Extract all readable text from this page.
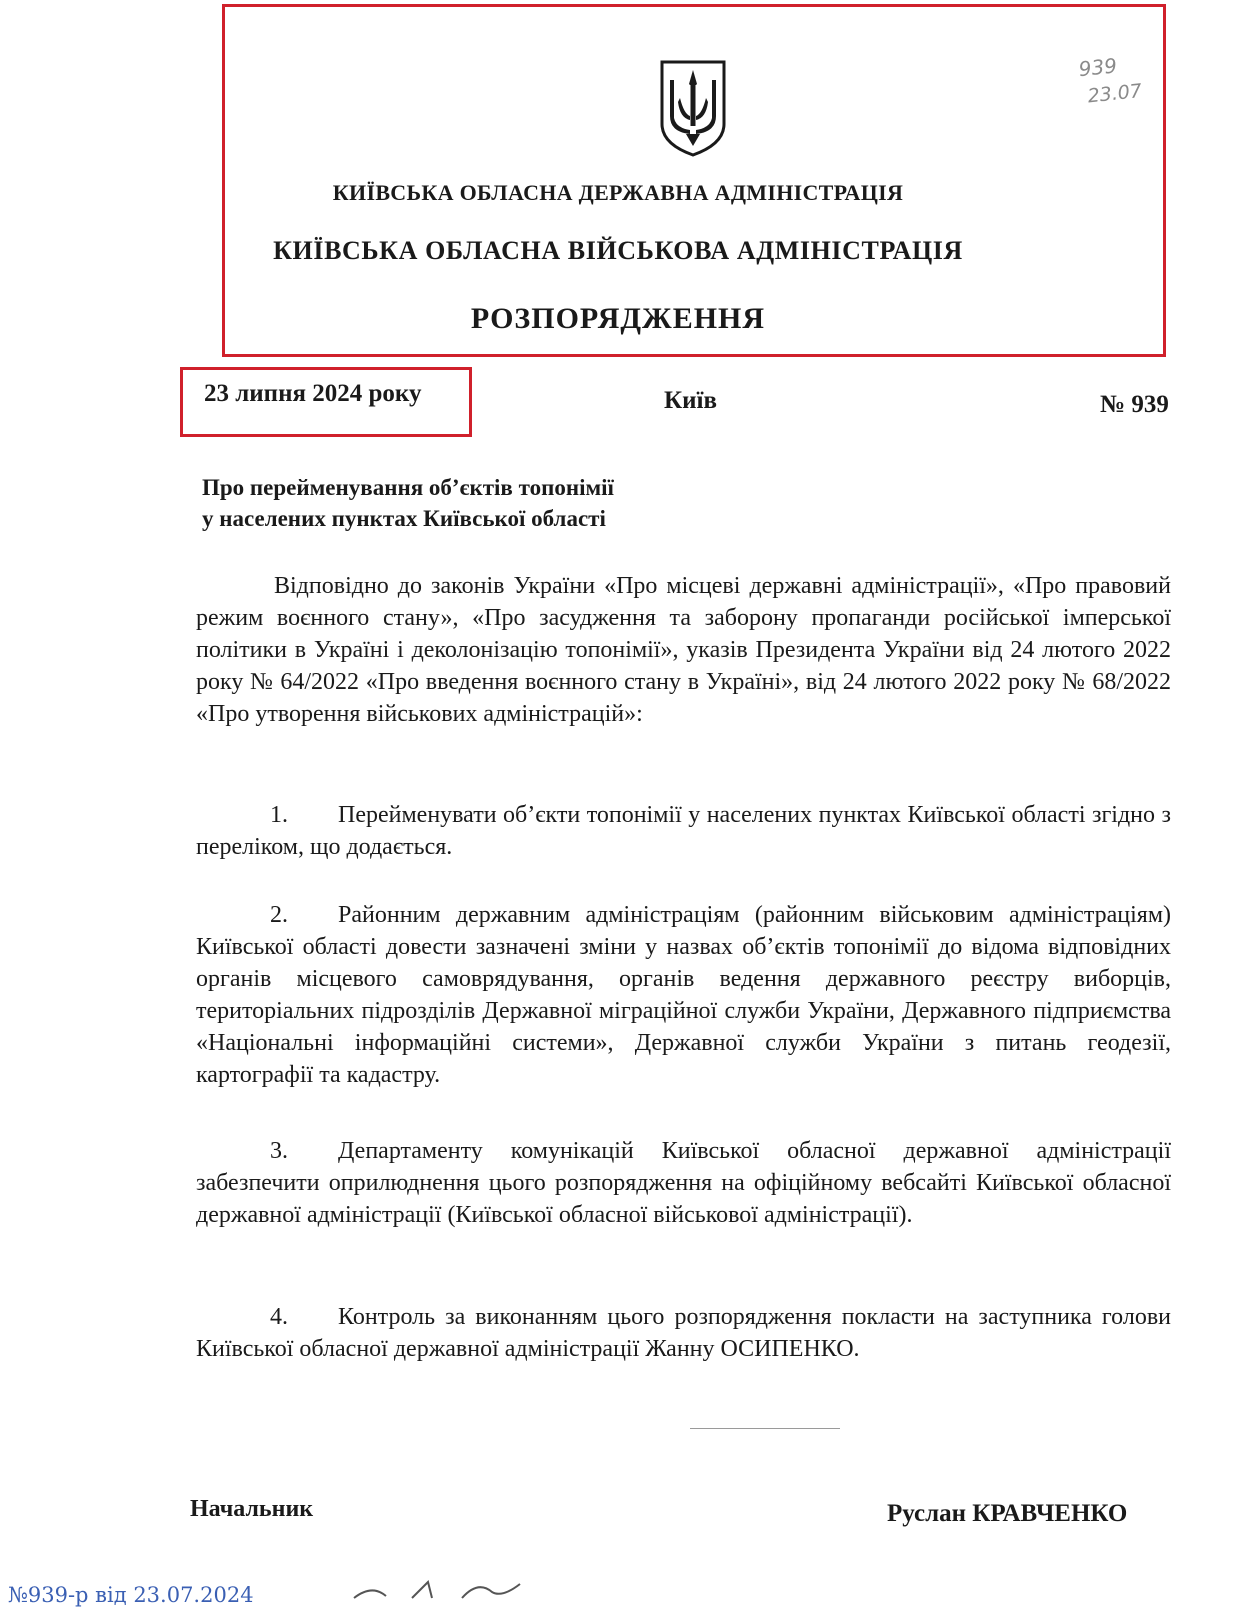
939
23.07
КИЇВСЬКА ОБЛАСНА ДЕРЖАВНА АДМІНІСТРАЦІЯ
КИЇВСЬКА ОБЛАСНА ВІЙСЬКОВА АДМІНІСТРАЦІЯ
РОЗПОРЯДЖЕННЯ
23 липня 2024 року	Київ	№ 939
Про перейменування об’єктів топонімії
у населених пунктах Київської області
Відповідно до законів України «Про місцеві державні адміністрації», «Про правовий режим воєнного стану», «Про засудження та заборону пропаганди російської імперської політики в Україні і деколонізацію топонімії», указів Президента України від 24 лютого 2022 року № 64/2022 «Про введення воєнного стану в Україні», від 24 лютого 2022 року № 68/2022 «Про утворення військових адміністрацій»:
1. Перейменувати об’єкти топонімії у населених пунктах Київської області згідно з переліком, що додається.
2. Районним державним адміністраціям (районним військовим адміністраціям) Київської області довести зазначені зміни у назвах об’єктів топонімії до відома відповідних органів місцевого самоврядування, органів ведення державного реєстру виборців, територіальних підрозділів Державної міграційної служби України, Державного підприємства «Національні інформаційні системи», Державної служби України з питань геодезії, картографії та кадастру.
3. Департаменту комунікацій Київської обласної державної адміністрації забезпечити оприлюднення цього розпорядження на офіційному вебсайті Київської обласної державної адміністрації (Київської обласної військової адміністрації).
4. Контроль за виконанням цього розпорядження покласти на заступника голови Київської обласної державної адміністрації Жанну ОСИПЕНКО.
Начальник	Руслан КРАВЧЕНКО
№939-р від 23.07.2024
